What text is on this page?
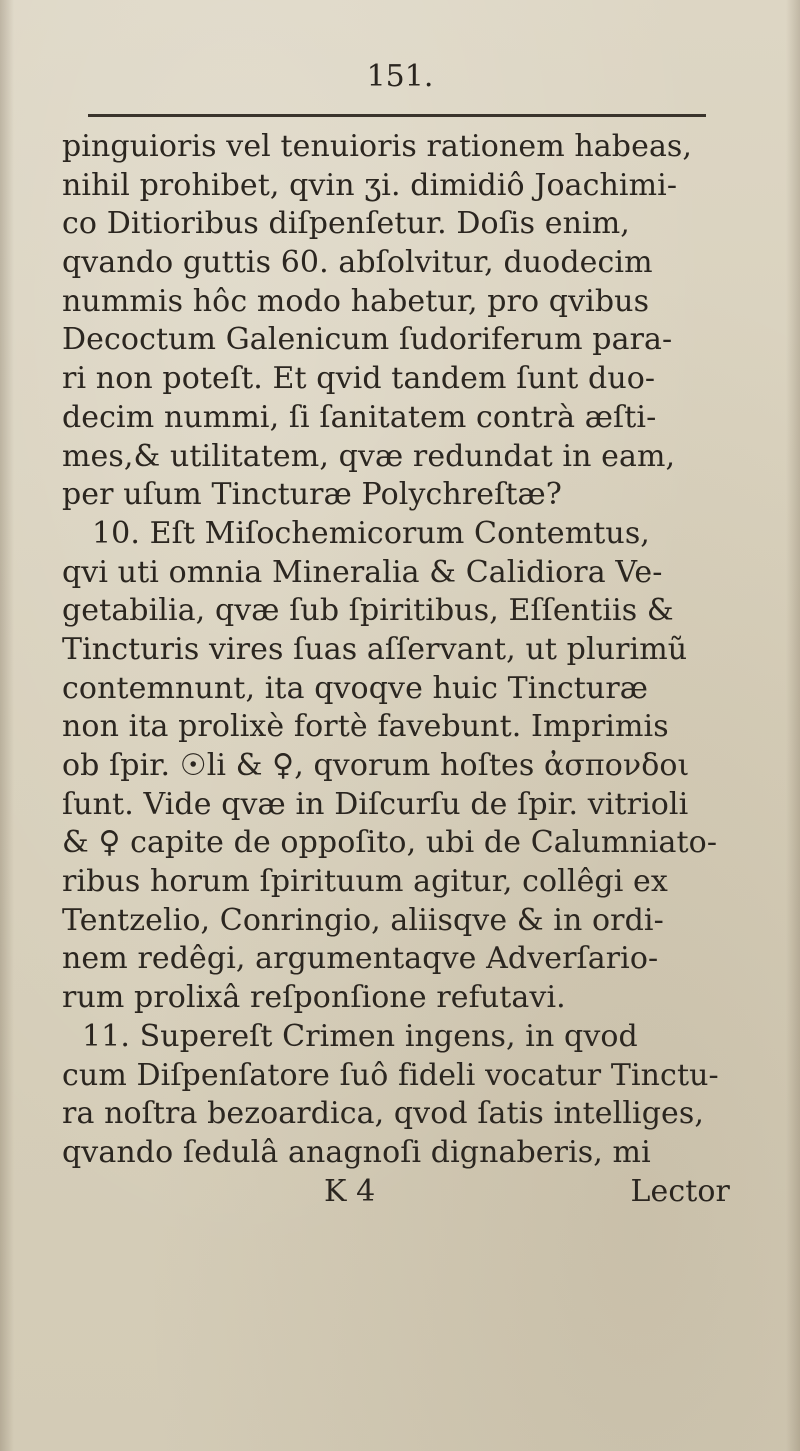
151.
pinguioris vel tenuioris rationem habeas,
nihil prohibet, qvin ʒi. dimidiô Joachimi-
co Ditioribus diſpenſetur. Doſis enim,
qvando guttis 60. abſolvitur, duodecim
nummis hôc modo habetur, pro qvibus
Decoctum Galenicum ſudoriferum para-
ri non poteſt. Et qvid tandem ſunt duo-
decim nummi, ſi ſanitatem contrà æſti-
mes,& utilitatem, qvæ redundat in eam,
per uſum Tincturæ Polychreſtæ?
10. Eſt Miſochemicorum Contemtus,
qvi uti omnia Mineralia & Calidiora Ve-
getabilia, qvæ ſub ſpiritibus, Eſſentiis &
Tincturis vires ſuas aſſervant, ut plurimũ
contemnunt, ita qvoqve huic Tincturæ
non ita prolixè fortè favebunt. Imprimis
ob ſpir. ☉li & ♀, qvorum hoſtes ἀσπονδοι
ſunt. Vide qvæ in Diſcurſu de ſpir. vitrioli
& ♀ capite de oppoſito, ubi de Calumniato-
ribus horum ſpirituum agitur, collêgi ex
Tentzelio, Conringio, aliisqve & in ordi-
nem redêgi, argumentaqve Adverſario-
rum prolixâ reſponſione refutavi.
11. Supereſt Crimen ingens, in qvod
cum Diſpenſatore ſuô fideli vocatur Tinctu-
ra noſtra bezoardica, qvod ſatis intelliges,
qvando ſedulâ anagnoſi dignaberis, mi
K 4	Lector
